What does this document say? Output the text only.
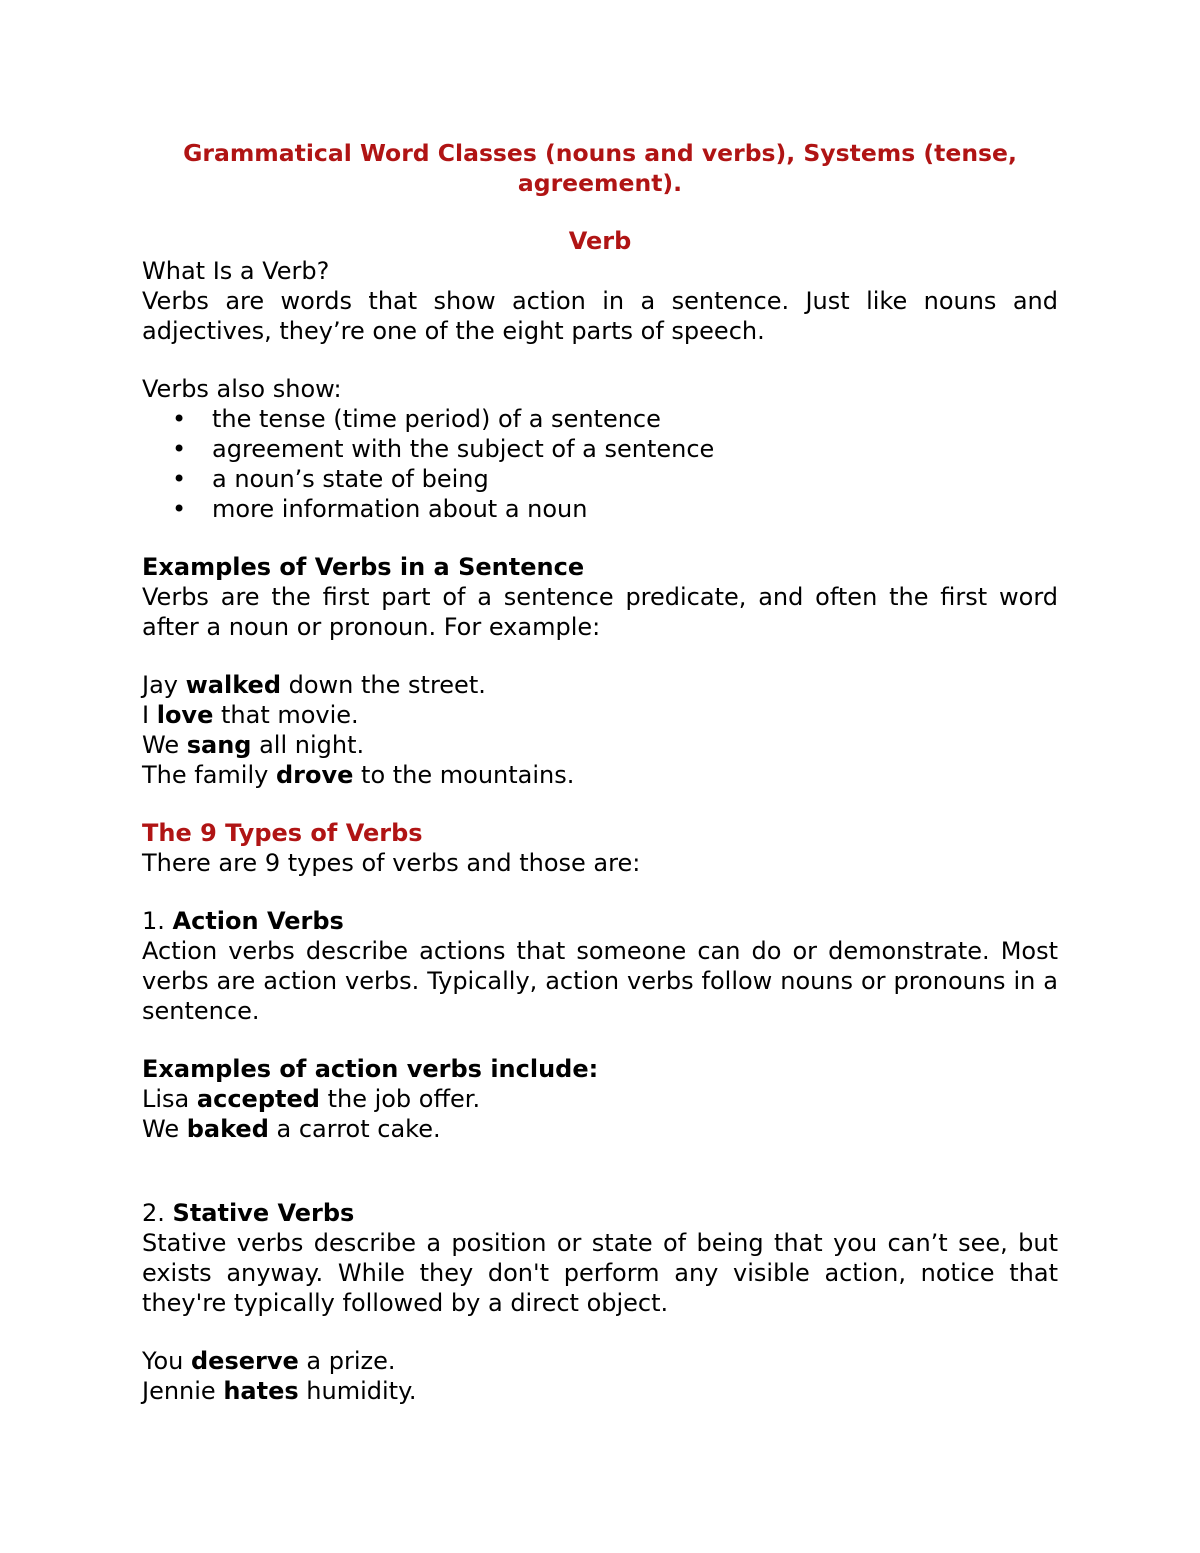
Grammatical Word Classes (nouns and verbs), Systems (tense, agreement).

Verb

What Is a Verb?

Verbs are words that show action in a sentence. Just like nouns and adjectives, they’re one of the eight parts of speech.

Verbs also show:

• the tense (time period) of a sentence
• agreement with the subject of a sentence
• a noun’s state of being
• more information about a noun

Examples of Verbs in a Sentence

Verbs are the first part of a sentence predicate, and often the first word after a noun or pronoun. For example:

Jay walked down the street.

I love that movie.

We sang all night.

The family drove to the mountains.

The 9 Types of Verbs

There are 9 types of verbs and those are:

1. Action Verbs

Action verbs describe actions that someone can do or demonstrate. Most verbs are action verbs. Typically, action verbs follow nouns or pronouns in a sentence.

Examples of action verbs include:

Lisa accepted the job offer.

We baked a carrot cake.

2. Stative Verbs

Stative verbs describe a position or state of being that you can’t see, but exists anyway. While they don't perform any visible action, notice that they're typically followed by a direct object.

You deserve a prize.

Jennie hates humidity.
